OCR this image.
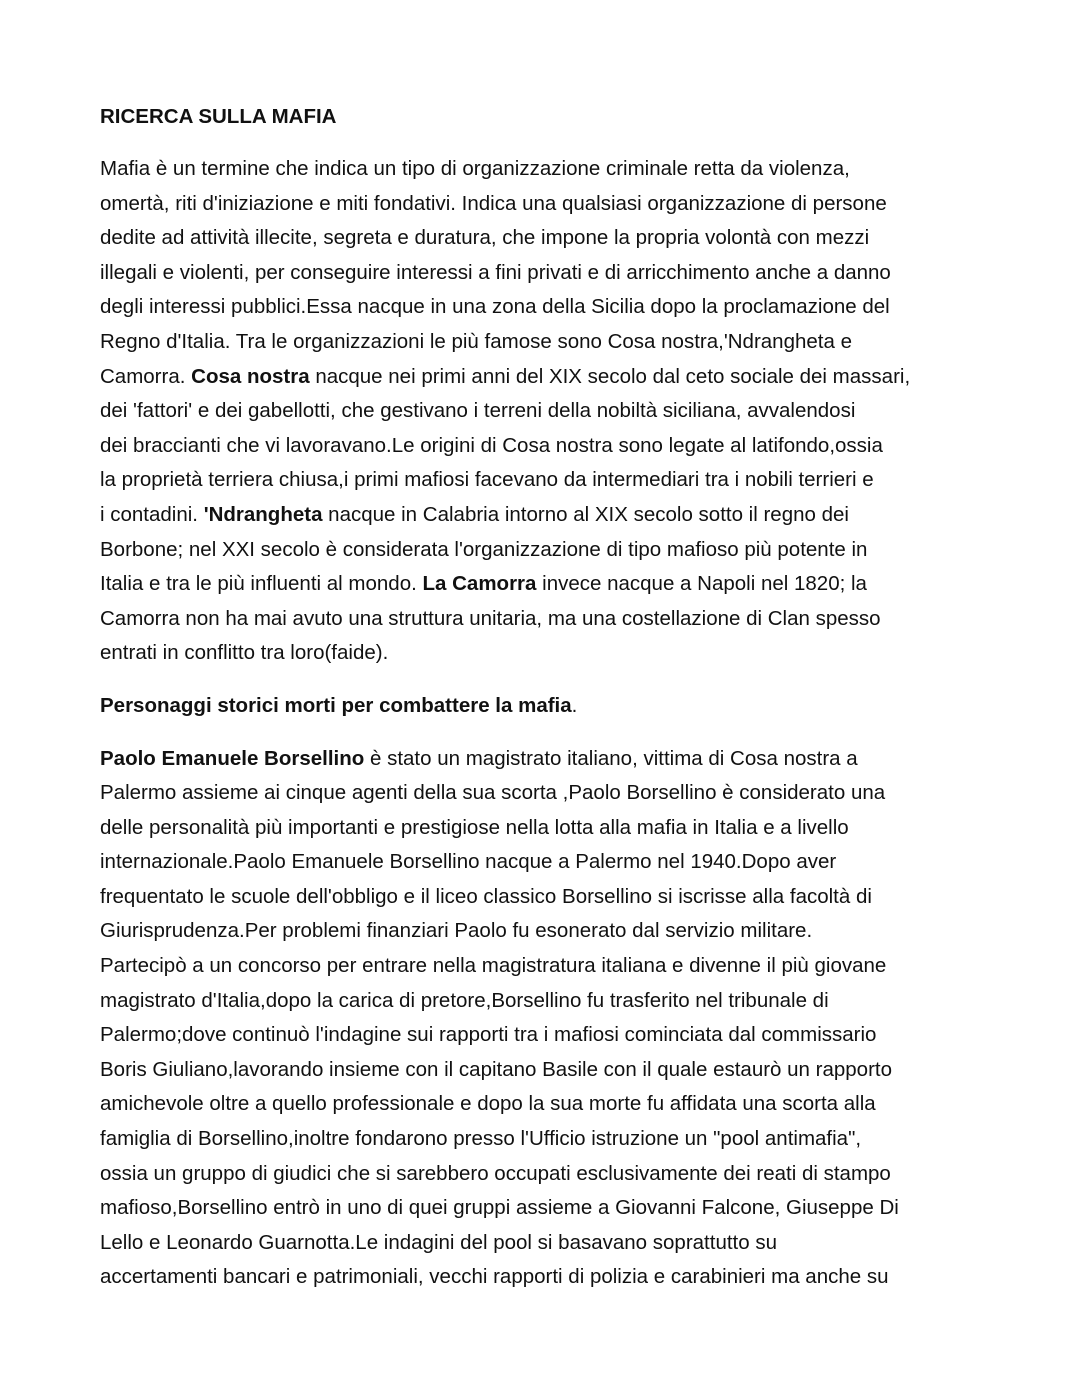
RICERCA SULLA MAFIA

Mafia è un termine che indica un tipo di organizzazione criminale retta da violenza,
omertà, riti d'iniziazione e miti fondativi. Indica una qualsiasi organizzazione di persone
dedite ad attività illecite, segreta e duratura, che impone la propria volontà con mezzi
illegali e violenti, per conseguire interessi a fini privati e di arricchimento anche a danno
degli interessi pubblici.Essa nacque in una zona della Sicilia dopo la proclamazione del
Regno d'Italia. Tra le organizzazioni le più famose sono Cosa nostra,'Ndrangheta e
Camorra. Cosa nostra nacque nei primi anni del XIX secolo dal ceto sociale dei massari,
dei 'fattori' e dei gabellotti, che gestivano i terreni della nobiltà siciliana, avvalendosi
dei braccianti che vi lavoravano.Le origini di Cosa nostra sono legate al latifondo,ossia
la proprietà terriera chiusa,i primi mafiosi facevano da intermediari tra i nobili terrieri e
i contadini. 'Ndrangheta nacque in Calabria intorno al XIX secolo sotto il regno dei
Borbone; nel XXI secolo è considerata l'organizzazione di tipo mafioso più potente in
Italia e tra le più influenti al mondo. La Camorra invece nacque a Napoli nel 1820; la
Camorra non ha mai avuto una struttura unitaria, ma una costellazione di Clan spesso
entrati in conflitto tra loro(faide).

Personaggi storici morti per combattere la mafia.

Paolo Emanuele Borsellino è stato un magistrato italiano, vittima di Cosa nostra a
Palermo assieme ai cinque agenti della sua scorta ,Paolo Borsellino è considerato una
delle personalità più importanti e prestigiose nella lotta alla mafia in Italia e a livello
internazionale.Paolo Emanuele Borsellino nacque a Palermo nel 1940.Dopo aver
frequentato le scuole dell'obbligo e il liceo classico Borsellino si iscrisse alla facoltà di
Giurisprudenza.Per problemi finanziari Paolo fu esonerato dal servizio militare.
Partecipò a un concorso per entrare nella magistratura italiana e divenne il più giovane
magistrato d'Italia,dopo la carica di pretore,Borsellino fu trasferito nel tribunale di
Palermo;dove continuò l'indagine sui rapporti tra i mafiosi cominciata dal commissario
Boris Giuliano,lavorando insieme con il capitano Basile con il quale estaurò un rapporto
amichevole oltre a quello professionale e dopo la sua morte fu affidata una scorta alla
famiglia di Borsellino,inoltre fondarono presso l'Ufficio istruzione un "pool antimafia",
ossia un gruppo di giudici che si sarebbero occupati esclusivamente dei reati di stampo
mafioso,Borsellino entrò in uno di quei gruppi assieme a Giovanni Falcone, Giuseppe Di
Lello e Leonardo Guarnotta.Le indagini del pool si basavano soprattutto su
accertamenti bancari e patrimoniali, vecchi rapporti di polizia e carabinieri ma anche su
